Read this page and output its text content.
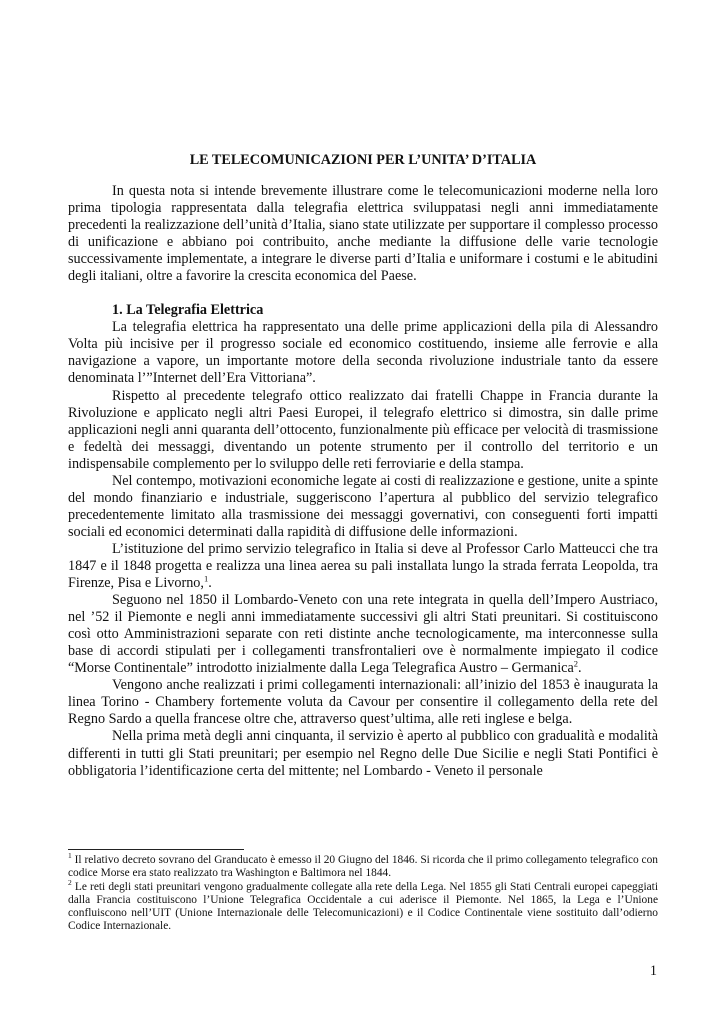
LE TELECOMUNICAZIONI PER L’UNITA’ D’ITALIA

In questa nota si intende brevemente illustrare come le telecomunicazioni moderne nella loro prima tipologia rappresentata dalla telegrafia elettrica sviluppatasi negli anni immediatamente precedenti la realizzazione dell’unità d’Italia, siano state utilizzate per supportare il complesso processo di unificazione e abbiano poi contribuito, anche mediante la diffusione delle varie tecnologie successivamente implementate, a integrare le diverse parti d’Italia e uniformare i costumi e le abitudini degli italiani, oltre a favorire la crescita economica del Paese.

1. La Telegrafia Elettrica

La telegrafia elettrica ha rappresentato una delle prime applicazioni della pila di Alessandro Volta più incisive per il progresso sociale ed economico costituendo, insieme alle ferrovie e alla navigazione a vapore, un importante motore della seconda rivoluzione industriale tanto da essere denominata l’”Internet dell’Era Vittoriana”.

Rispetto al precedente telegrafo ottico realizzato dai fratelli Chappe in Francia durante la Rivoluzione e applicato negli altri Paesi Europei, il telegrafo elettrico si dimostra, sin dalle prime applicazioni negli anni quaranta dell’ottocento, funzionalmente più efficace per velocità di trasmissione e fedeltà dei messaggi, diventando un potente strumento per il controllo del territorio e un indispensabile complemento per lo sviluppo delle reti ferroviarie e della stampa.

Nel contempo, motivazioni economiche legate ai costi di realizzazione e gestione, unite a spinte del mondo finanziario e industriale, suggeriscono l’apertura al pubblico del servizio telegrafico precedentemente limitato alla trasmissione dei messaggi governativi, con conseguenti forti impatti sociali ed economici determinati dalla rapidità di diffusione delle informazioni.

L’istituzione del primo servizio telegrafico in Italia si deve al Professor Carlo Matteucci che tra 1847 e il 1848 progetta e realizza una linea aerea su pali installata lungo la strada ferrata Leopolda, tra Firenze, Pisa e Livorno,$^1$.

Seguono nel 1850 il Lombardo-Veneto con una rete integrata in quella dell’Impero Austriaco, nel ’52 il Piemonte e negli anni immediatamente successivi gli altri Stati preunitari. Si costituiscono così otto Amministrazioni separate con reti distinte anche tecnologicamente, ma interconnesse sulla base di accordi stipulati per i collegamenti transfrontalieri ove è normalmente impiegato il codice “Morse Continentale” introdotto inizialmente dalla Lega Telegrafica Austro – Germanica$^2$.

Vengono anche realizzati i primi collegamenti internazionali: all’inizio del 1853 è inaugurata la linea Torino - Chambery fortemente voluta da Cavour per consentire il collegamento della rete del Regno Sardo a quella francese oltre che, attraverso quest’ultima, alle reti inglese e belga.

Nella prima metà degli anni cinquanta, il servizio è aperto al pubblico con gradualità e modalità differenti in tutti gli Stati preunitari; per esempio nel Regno delle Due Sicilie e negli Stati Pontifici è obbligatoria l’identificazione certa del mittente; nel Lombardo - Veneto il personale

$^1$ Il relativo decreto sovrano del Granducato è emesso il 20 Giugno del 1846. Si ricorda che il primo collegamento telegrafico con codice Morse era stato realizzato tra Washington e Baltimora nel 1844.

$^2$ Le reti degli stati preunitari vengono gradualmente collegate alla rete della Lega. Nel 1855 gli Stati Centrali europei capeggiati dalla Francia costituiscono l’Unione Telegrafica Occidentale a cui aderisce il Piemonte. Nel 1865, la Lega e l’Unione confluiscono nell’UIT (Unione Internazionale delle Telecomunicazioni) e il Codice Continentale viene sostituito dall’odierno Codice Internazionale.

1
